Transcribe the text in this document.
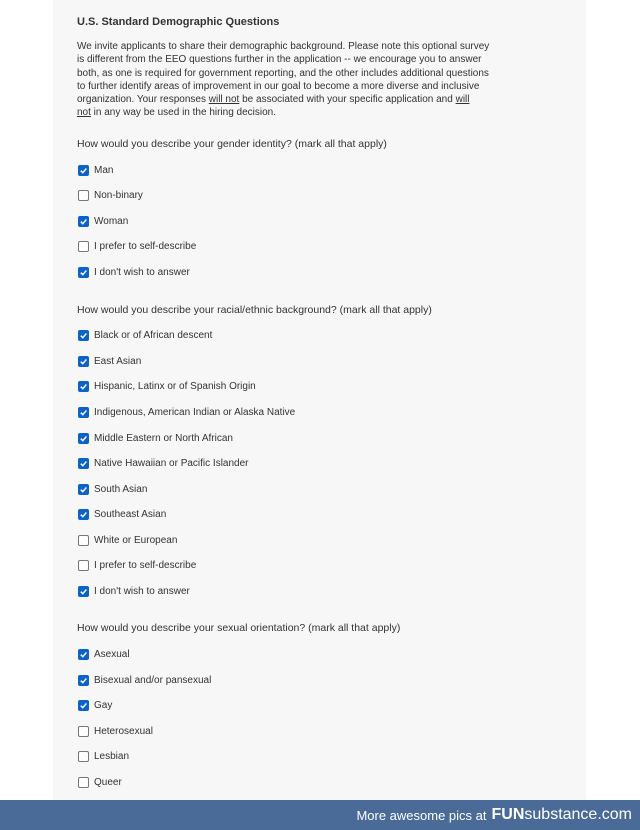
U.S. Standard Demographic Questions
We invite applicants to share their demographic background. Please note this optional survey
is different from the EEO questions further in the application -- we encourage you to answer
both, as one is required for government reporting, and the other includes additional questions
to further identify areas of improvement in our goal to become a more diverse and inclusive
organization. Your responses will not be associated with your specific application and will
not in any way be used in the hiring decision.
How would you describe your gender identity? (mark all that apply)
Man
Non-binary
Woman
I prefer to self-describe
I don't wish to answer
How would you describe your racial/ethnic background? (mark all that apply)
Black or of African descent
East Asian
Hispanic, Latinx or of Spanish Origin
Indigenous, American Indian or Alaska Native
Middle Eastern or North African
Native Hawaiian or Pacific Islander
South Asian
Southeast Asian
White or European
I prefer to self-describe
I don't wish to answer
How would you describe your sexual orientation? (mark all that apply)
Asexual
Bisexual and/or pansexual
Gay
Heterosexual
Lesbian
Queer
More awesome pics at FUN substance .com
